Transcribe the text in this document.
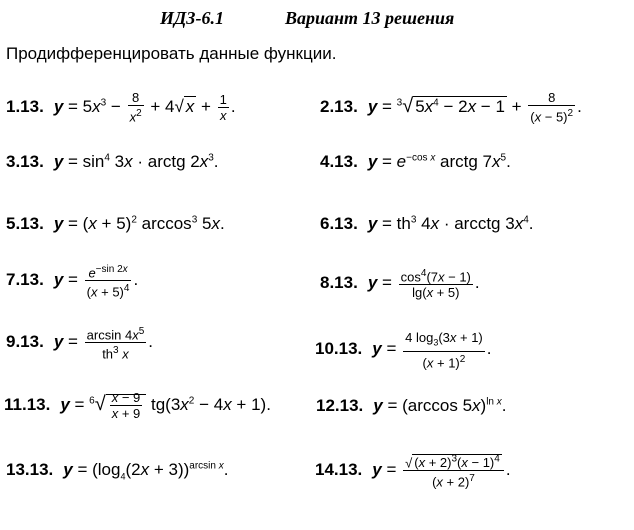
ИДЗ-6.1	Вариант 13 решения
Продифференцировать данные функции.
1.13. $y = 5x^3 - \frac{8}{x^2} + 4√$ $x + \frac{1}{x}$ .	2.13. y = $^3$√ $5x^4 - 2x - 1 + \frac{8}{(x - 5)^2}$ .
3.13. $y = \sin^4 3x$ · arctg $2x^3$.	4.13. $y = e^{-cos x}$ arctg $7x^5$.
5.13. $y = (x + 5)^2$ $\arccos^3 5x$.	6.13. $y = th^3$ 4x · arcctg $3x^4$.
7.13. $y = \frac{e^{-sin 2x}}{(x + 5)^4}$ .	8.13. $y = \frac{\cos^4(7x - 1)}{\lg(x + 5)}$ .
9.13. $y = \frac{\arcsin 4x^5}{th^3 x}$ .	10.13. $y = \frac{4 \log_3(3x + 1)}{(x + 1)^2}$ .
11.13. $y = ^6√ \frac{x - 9}{x + 9} tg(3x^2 - 4x + 1)$.	12.13. y = (arccos 5x)$^{ln x}$.
13.13. $y = (\log_4(2x + 3))^{arcsin x}$.	14.13. $y = \frac{√ (x + 2)^3(x - 1)^4}{(x + 2)^7}$ .
